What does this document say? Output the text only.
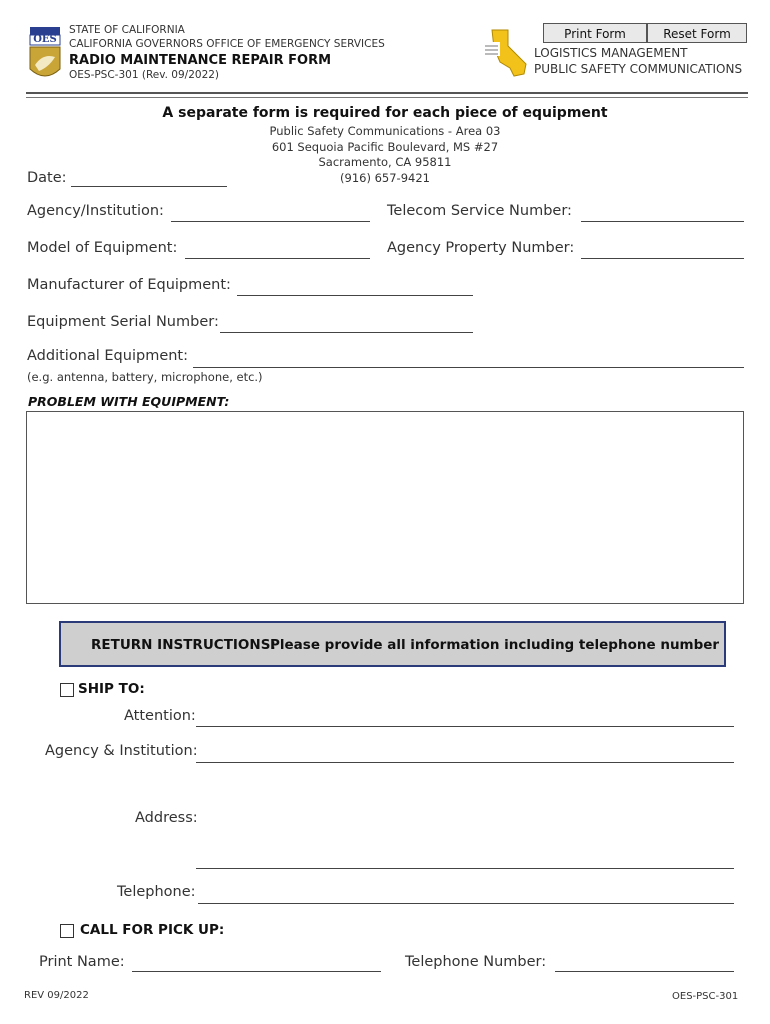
OES
STATE OF CALIFORNIA
CALIFORNIA GOVERNORS OFFICE OF EMERGENCY SERVICES
RADIO MAINTENANCE REPAIR FORM
OES-PSC-301 (Rev. 09/2022)
Print Form	Reset Form
LOGISTICS MANAGEMENT
PUBLIC SAFETY COMMUNICATIONS
A separate form is required for each piece of equipment
Public Safety Communications - Area 03
601 Sequoia Pacific Boulevard, MS #27
Sacramento, CA 95811
(916) 657-9421
Date:
Agency/Institution:	Telecom Service Number:
Model of Equipment:	Agency Property Number:
Manufacturer of Equipment:
Equipment Serial Number:
Additional Equipment:
(e.g. antenna, battery, microphone, etc.)
PROBLEM WITH EQUIPMENT:
RETURN INSTRUCTIONS:
Please provide all information including telephone number
SHIP TO:
Attention:
Agency & Institution:
Address:
Telephone:
CALL FOR PICK UP:
Print Name:	Telephone Number:
REV 09/2022	OES-PSC-301
